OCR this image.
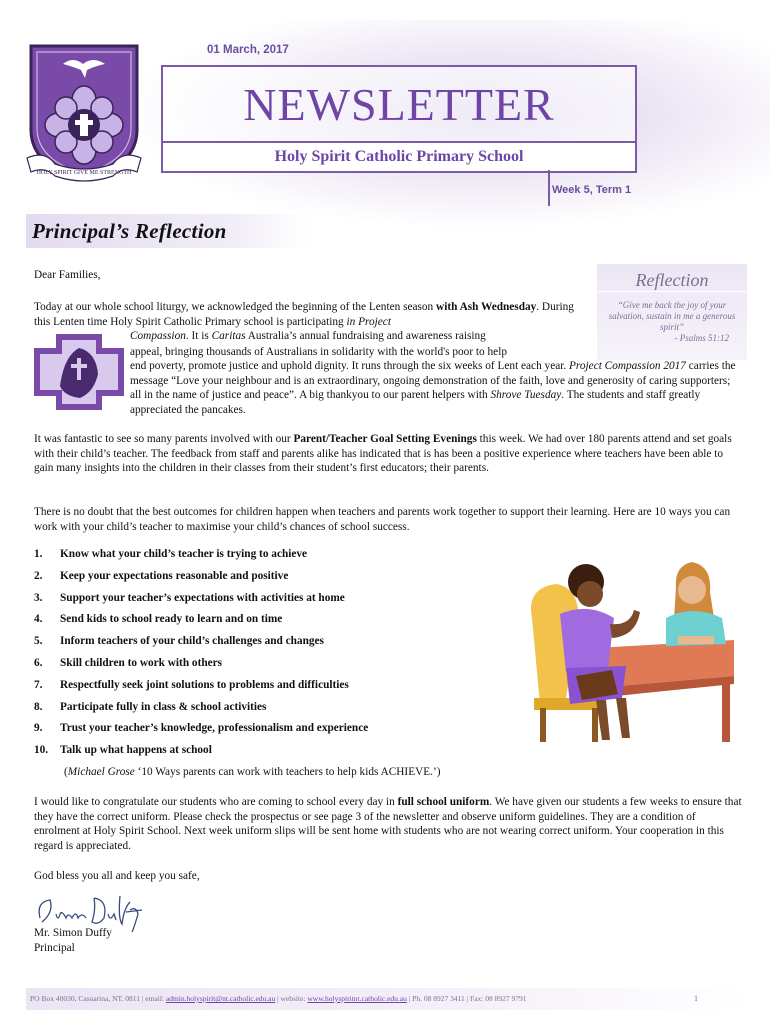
HOLY SPIRIT GIVE ME STRENGTH
01 March, 2017
NEWSLETTER
Holy Spirit Catholic Primary School
Week 5, Term 1
Principal’s Reflection
Reflection
“Give me back the joy of your salvation, sustain in me a generous spirit”
- Psalms 51:12
Dear Families,
Today at our whole school liturgy, we acknowledged the beginning of the Lenten season with Ash Wednesday. During this Lenten time Holy Spirit Catholic Primary school is participating in Project
Compassion. It is Caritas Australia’s annual fundraising and awareness raising
appeal, bringing thousands of Australians in solidarity with the world's poor to help
end poverty, promote justice and uphold dignity. It runs through the six weeks of Lent each year. Project Compassion 2017 carries the message “Love your neighbour and is an extraordinary, ongoing demonstration of the faith, love and generosity of caring supporters; all in the name of justice and peace”. A big thankyou to our parent helpers with Shrove Tuesday. The students and staff greatly appreciated the pancakes.
It was fantastic to see so many parents involved with our Parent/Teacher Goal Setting Evenings this week. We had over 180 parents attend and set goals with their child’s teacher. The feedback from staff and parents alike has indicated that is has been a positive experience where teachers have been able to gain many insights into the children in their classes from their student’s first educators; their parents.
There is no doubt that the best outcomes for children happen when teachers and parents work together to support their learning. Here are 10 ways you can work with your child’s teacher to maximise your child’s chances of school success.
1. Know what your child’s teacher is trying to achieve
2. Keep your expectations reasonable and positive
3. Support your teacher’s expectations with activities at home
4. Send kids to school ready to learn and on time
5. Inform teachers of your child’s challenges and changes
6. Skill children to work with others
7. Respectfully seek joint solutions to problems and difficulties
8. Participate fully in class & school activities
9. Trust your teacher’s knowledge, professionalism and experience
10. Talk up what happens at school
(Michael Grose ‘10 Ways parents can work with teachers to help kids ACHIEVE.’)
I would like to congratulate our students who are coming to school every day in full school uniform. We have given our students a few weeks to ensure that they have the correct uniform. Please check the prospectus or see page 3 of the newsletter and observe uniform guidelines. They are a condition of enrolment at Holy Spirit School. Next week uniform slips will be sent home with students who are not wearing correct uniform. Your cooperation in this regard is appreciated.
God bless you all and keep you safe,
Mr. Simon Duffy
Principal
PO Box 40030, Casuarina, NT. 0811 | email: admin.holyspirit@nt.catholic.edu.au | website: www.holyspiritnt.catholic.edu.au | Ph. 08 8927 3411 | Fax: 08 8927 9791	1
